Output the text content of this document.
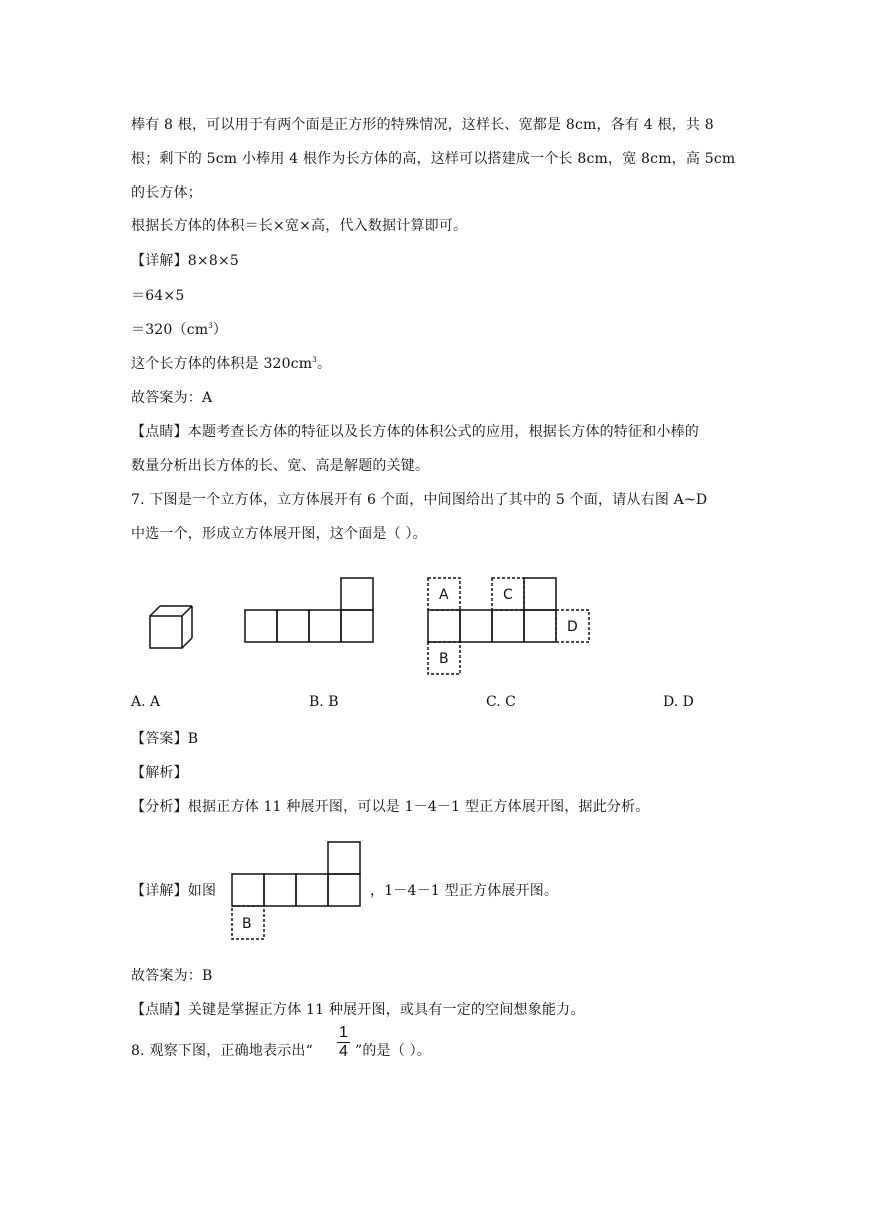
棒有 8 根，可以用于有两个面是正方形的特殊情况，这样长、宽都是 8cm，各有 4 根，共 8
根；剩下的 5cm 小棒用 4 根作为长方体的高，这样可以搭建成一个长 8cm，宽 8cm，高 5cm
的长方体；
根据长方体的体积＝长×宽×高，代入数据计算即可。
【详解】8×8×5
＝64×5
$=320(cm^3)$
这个长方体的体积是 $320cm^3$。
故答案为：A
【点睛】本题考查长方体的特征以及长方体的体积公式的应用，根据长方体的特征和小棒的
数量分析出长方体的长、宽、高是解题的关键。
7. 下图是一个立方体，立方体展开有 6 个面，中间图给出了其中的 5 个面，请从右图 A~D
中选一个，形成立方体展开图，这个面是（ ）。
A	C
D
B
A. A	B. B	C. C	D. D
【答案】B
【解析】
【分析】根据正方体 11 种展开图，可以是 1－4－1 型正方体展开图，据此分析。
【详解】如图
B
，1－4－1 型正方体展开图。
故答案为：B
【点睛】关键是掌握正方体 11 种展开图，或具有一定的空间想象能力。
8. 观察下图，正确地表示出“ $\frac{1}{4}$ ”的是（ ）。
